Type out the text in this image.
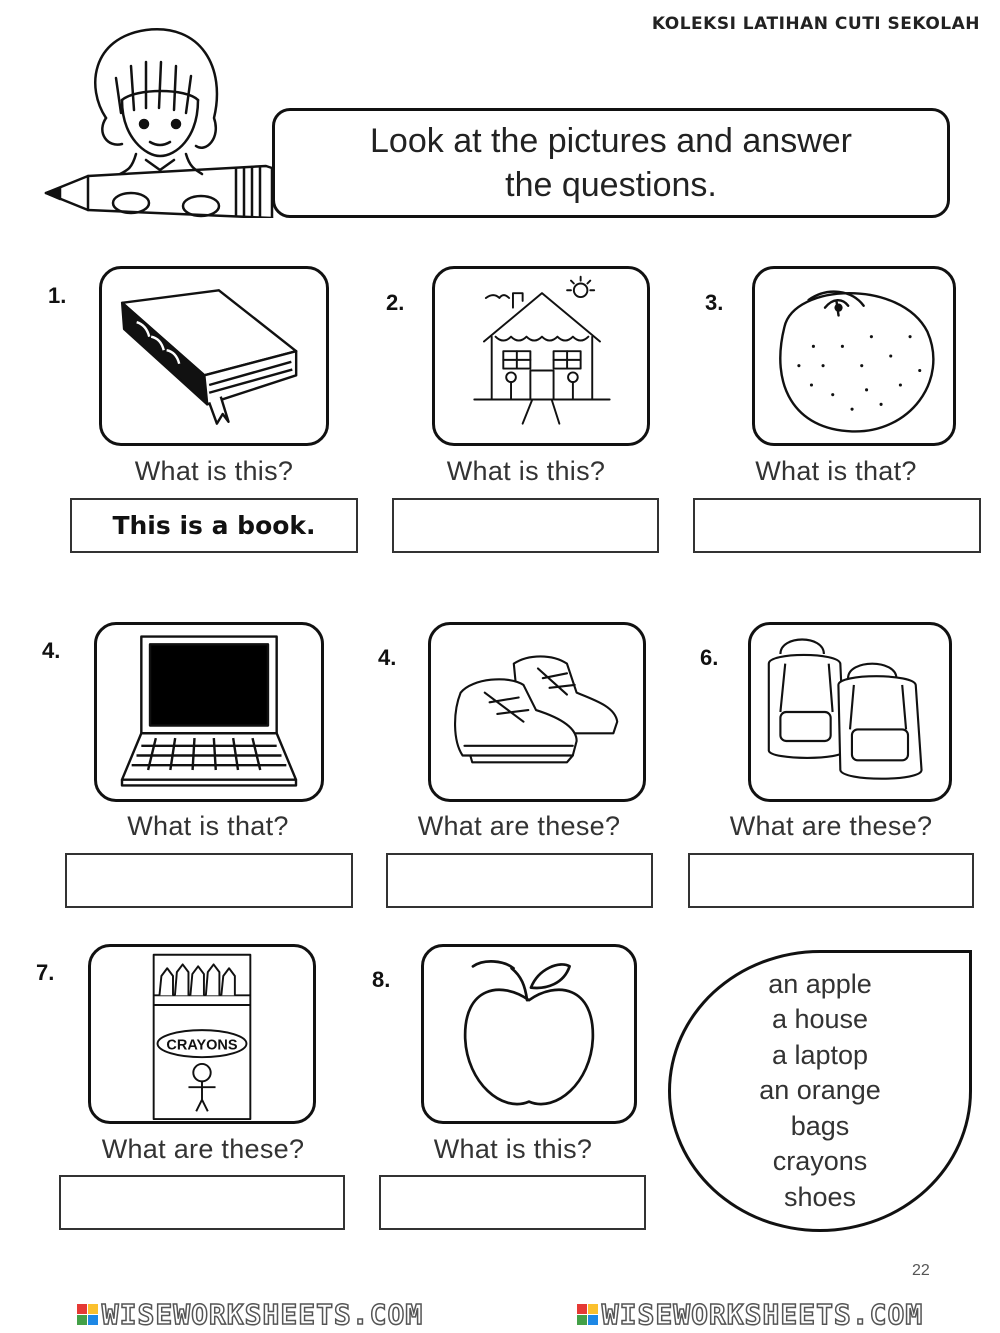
KOLEKSI LATIHAN CUTI SEKOLAH
Look at the pictures and answer
the questions.
1.
What is this?
This is a book.
2.
What is this?
3.
What is that?
4.
What is that?
4.
What are these?
6.
What are these?
7.
CRAYONS
What are these?
8.
What is this?
an apple
a house
a laptop
an orange
bags
crayons
shoes
22
WISEWORKSHEETS.COM	WISEWORKSHEETS.COM
